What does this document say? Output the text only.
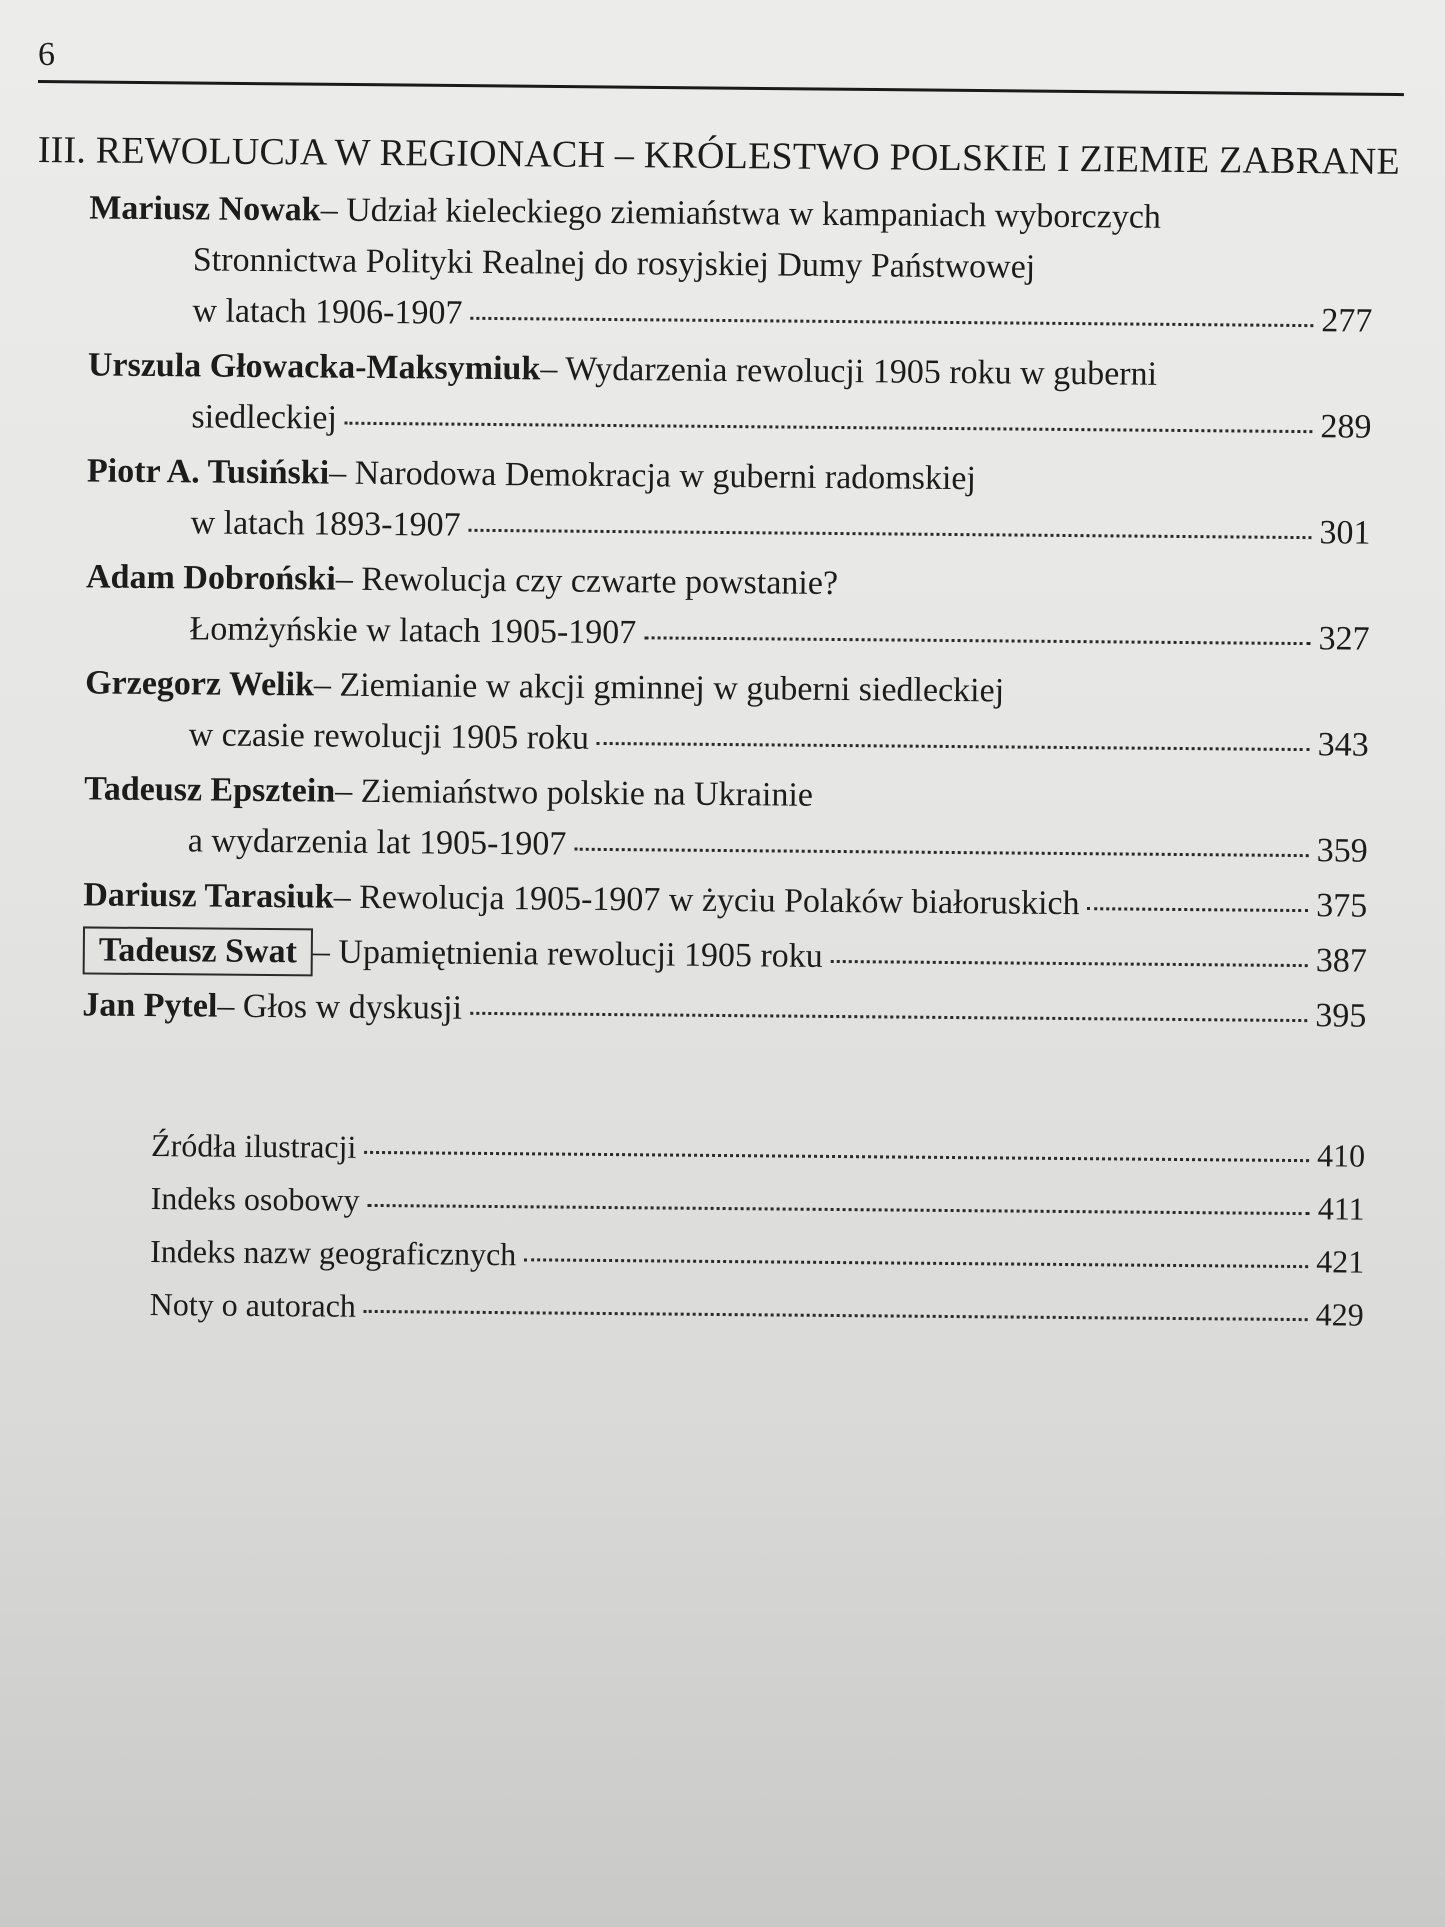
6
III. REWOLUCJA W REGIONACH – KRÓLESTWO POLSKIE I ZIEMIE ZABRANE
Mariusz Nowak – Udział kieleckiego ziemiaństwa w kampaniach wyborczych
Stronnictwa Polityki Realnej do rosyjskiej Dumy Państwowej
w latach 1906-1907	277
Urszula Głowacka-Maksymiuk – Wydarzenia rewolucji 1905 roku w guberni
siedleckiej	289
Piotr A. Tusiński – Narodowa Demokracja w guberni radomskiej
w latach 1893-1907	301
Adam Dobroński – Rewolucja czy czwarte powstanie?
Łomżyńskie w latach 1905-1907	327
Grzegorz Welik – Ziemianie w akcji gminnej w guberni siedleckiej
w czasie rewolucji 1905 roku	343
Tadeusz Epsztein – Ziemiaństwo polskie na Ukrainie
a wydarzenia lat 1905-1907	359
Dariusz Tarasiuk – Rewolucja 1905-1907 w życiu Polaków białoruskich	375
Tadeusz Swat – Upamiętnienia rewolucji 1905 roku	387
Jan Pytel – Głos w dyskusji	395
Źródła ilustracji	410
Indeks osobowy	411
Indeks nazw geograficznych	421
Noty o autorach	429
